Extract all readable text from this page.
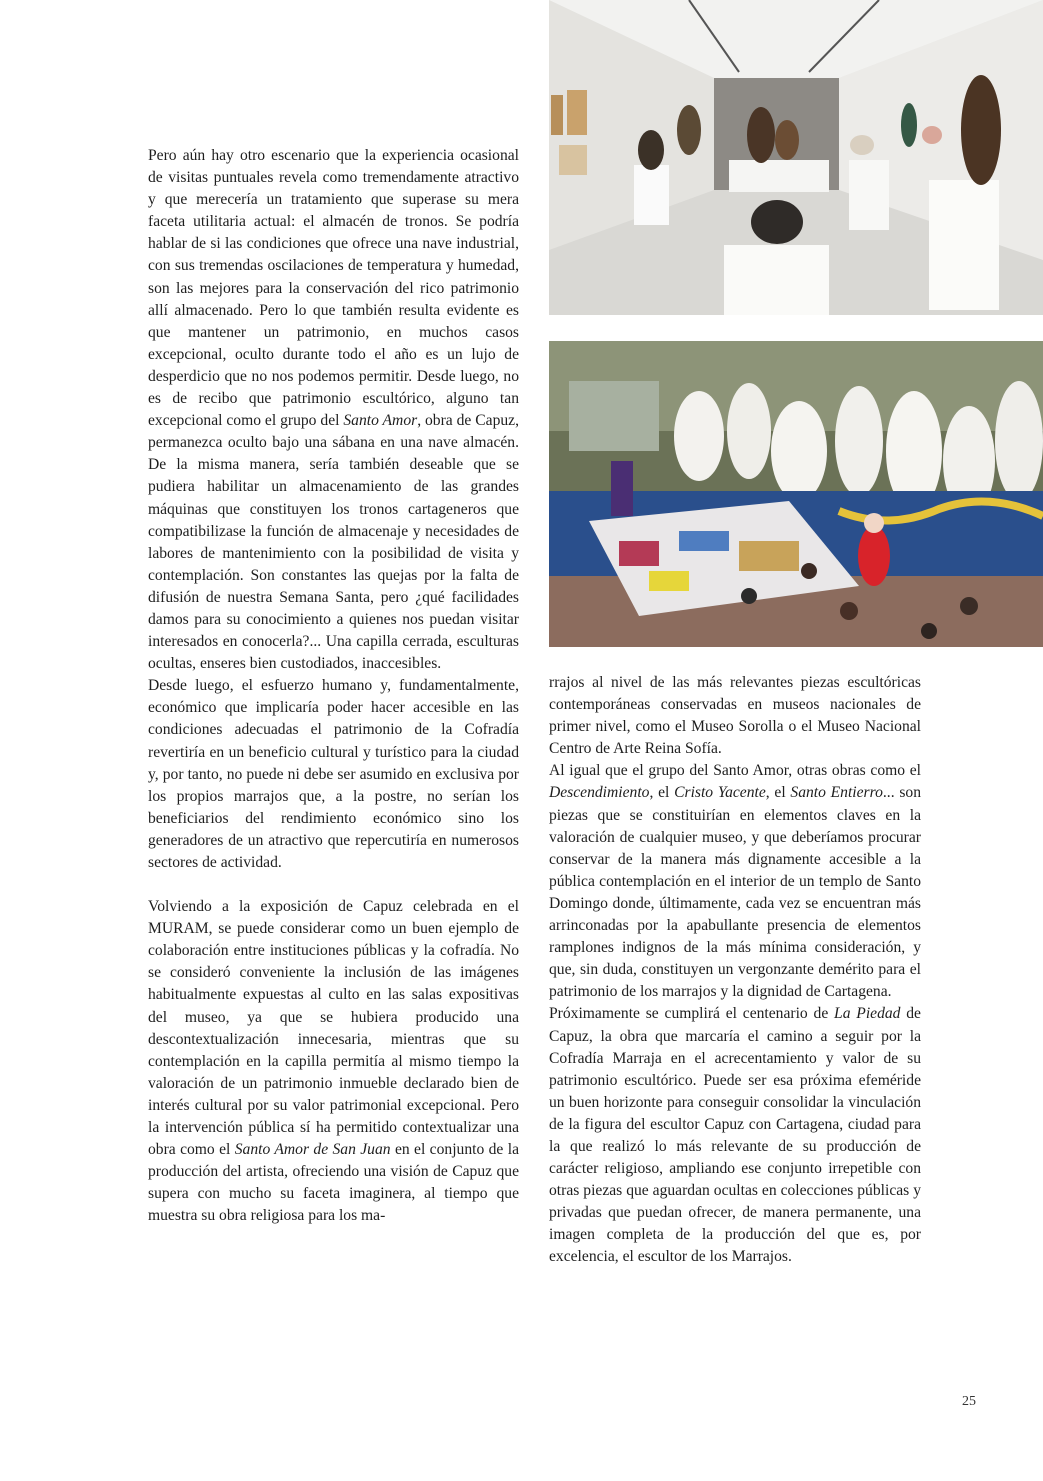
Pero aún hay otro escenario que la experiencia ocasional de visitas puntuales revela como tremendamente atractivo y que merecería un tratamiento que superase su mera faceta utilitaria actual: el almacén de tronos. Se podría hablar de si las condiciones que ofrece una nave industrial, con sus tremendas oscilaciones de temperatura y humedad, son las mejores para la conservación del rico patrimonio allí almacenado. Pero lo que también resulta evidente es que mantener un patrimonio, en muchos casos excepcional, oculto durante todo el año es un lujo de desperdicio que no nos podemos permitir. Desde luego, no es de recibo que patrimonio escultórico, alguno tan excepcional como el grupo del Santo Amor, obra de Capuz, permanezca oculto bajo una sábana en una nave almacén. De la misma manera, sería también deseable que se pudiera habilitar un almacenamiento de las grandes máquinas que constituyen los tronos cartageneros que compatibilizase la función de almacenaje y necesidades de labores de mantenimiento con la posibilidad de visita y contemplación. Son constantes las quejas por la falta de difusión de nuestra Semana Santa, pero ¿qué facilidades damos para su conocimiento a quienes nos puedan visitar interesados en conocerla?... Una capilla cerrada, esculturas ocultas, enseres bien custodiados, inaccesibles.

Desde luego, el esfuerzo humano y, fundamentalmente, económico que implicaría poder hacer accesible en las condiciones adecuadas el patrimonio de la Cofradía revertiría en un beneficio cultural y turístico para la ciudad y, por tanto, no puede ni debe ser asumido en exclusiva por los propios marrajos que, a la postre, no serían los beneficiarios del rendimiento económico sino los generadores de un atractivo que repercutiría en numerosos sectores de actividad.

Volviendo a la exposición de Capuz celebrada en el MURAM, se puede considerar como un buen ejemplo de colaboración entre instituciones públicas y la cofradía. No se consideró conveniente la inclusión de las imágenes habitualmente expuestas al culto en las salas expositivas del museo, ya que se hubiera producido una descontextualización innecesaria, mientras que su contemplación en la capilla permitía al mismo tiempo la valoración de un patrimonio inmueble declarado bien de interés cultural por su valor patrimonial excepcional. Pero la intervención pública sí ha permitido contextualizar una obra como el Santo Amor de San Juan en el conjunto de la producción del artista, ofreciendo una visión de Capuz que supera con mucho su faceta imaginera, al tiempo que muestra su obra religiosa para los ma-

rrajos al nivel de las más relevantes piezas escultóricas contemporáneas conservadas en museos nacionales de primer nivel, como el Museo Sorolla o el Museo Nacional Centro de Arte Reina Sofía.

Al igual que el grupo del Santo Amor, otras obras como el Descendimiento, el Cristo Yacente, el Santo Entierro... son piezas que se constituirían en elementos claves en la valoración de cualquier museo, y que deberíamos procurar conservar de la manera más dignamente accesible a la pública contemplación en el interior de un templo de Santo Domingo donde, últimamente, cada vez se encuentran más arrinconadas por la apabullante presencia de elementos ramplones indignos de la más mínima consideración, y que, sin duda, constituyen un vergonzante demérito para el patrimonio de los marrajos y la dignidad de Cartagena.

Próximamente se cumplirá el centenario de La Piedad de Capuz, la obra que marcaría el camino a seguir por la Cofradía Marraja en el acrecentamiento y valor de su patrimonio escultórico. Puede ser esa próxima efeméride un buen horizonte para conseguir consolidar la vinculación de la figura del escultor Capuz con Cartagena, ciudad para la que realizó lo más relevante de su producción de carácter religioso, ampliando ese conjunto irrepetible con otras piezas que aguardan ocultas en colecciones públicas y privadas que puedan ofrecer, de manera permanente, una imagen completa de la producción del que es, por excelencia, el escultor de los Marrajos.

25
